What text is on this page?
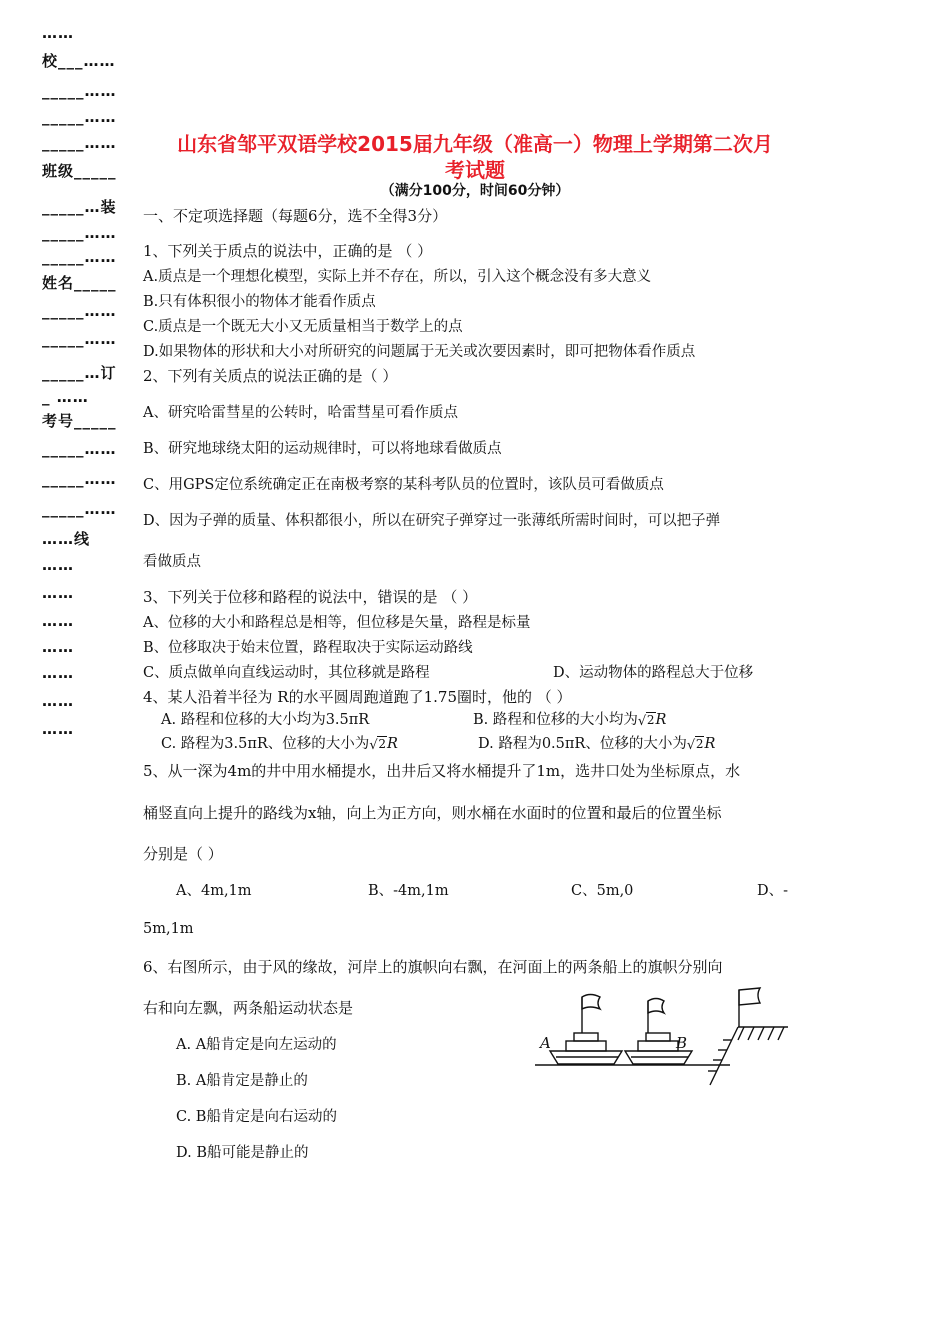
……
校___……
_____……
_____……
_____……
班级_____
_____…装
_____……
_____……
姓名_____
_____……
_____……
_____…订
_ ……
考号_____
_____……
_____……
_____……
……线
……
……
……
……
……
……
……
山东省邹平双语学校2015届九年级（准高一）物理上学期第二次月
考试题
（满分100分，时间60分钟）
一、不定项选择题（每题6分，选不全得3分）
1、下列关于质点的说法中，正确的是 （ ）
A.质点是一个理想化模型，实际上并不存在，所以，引入这个概念没有多大意义
B.只有体积很小的物体才能看作质点
C.质点是一个既无大小又无质量相当于数学上的点
D.如果物体的形状和大小对所研究的问题属于无关或次要因素时，即可把物体看作质点
2、下列有关质点的说法正确的是（ ）
A、研究哈雷彗星的公转时，哈雷彗星可看作质点
B、研究地球绕太阳的运动规律时，可以将地球看做质点
C、用GPS定位系统确定正在南极考察的某科考队员的位置时，该队员可看做质点
D、因为子弹的质量、体积都很小，所以在研究子弹穿过一张薄纸所需时间时，可以把子弹
看做质点
3、下列关于位移和路程的说法中，错误的是 （ ）
A、位移的大小和路程总是相等，但位移是矢量，路程是标量
B、位移取决于始末位置，路程取决于实际运动路线
C、质点做单向直线运动时，其位移就是路程	D、运动物体的路程总大于位移
4、某人沿着半径为 R的水平圆周跑道跑了1.75圈时，他的 （ ）
A. 路程和位移的大小均为3.5πR	B. 路程和位移的大小均为 √ 2R
C. 路程为3.5πR、位移的大小为 √ 2R	D. 路程为0.5πR、位移的大小为 √ 2R
5、从一深为4m的井中用水桶提水，出井后又将水桶提升了1m，选井口处为坐标原点，水
桶竖直向上提升的路线为x轴，向上为正方向，则水桶在水面时的位置和最后的位置坐标
分别是（ ）
A、4m,1m	B、-4m,1m	C、5m,0	D、-
5m,1m
6、右图所示，由于风的缘故，河岸上的旗帜向右飘，在河面上的两条船上的旗帜分别向
右和向左飘，两条船运动状态是
A. A船肯定是向左运动的
B. A船肯定是静止的
C. B船肯定是向右运动的
D. B船可能是静止的
A	B
